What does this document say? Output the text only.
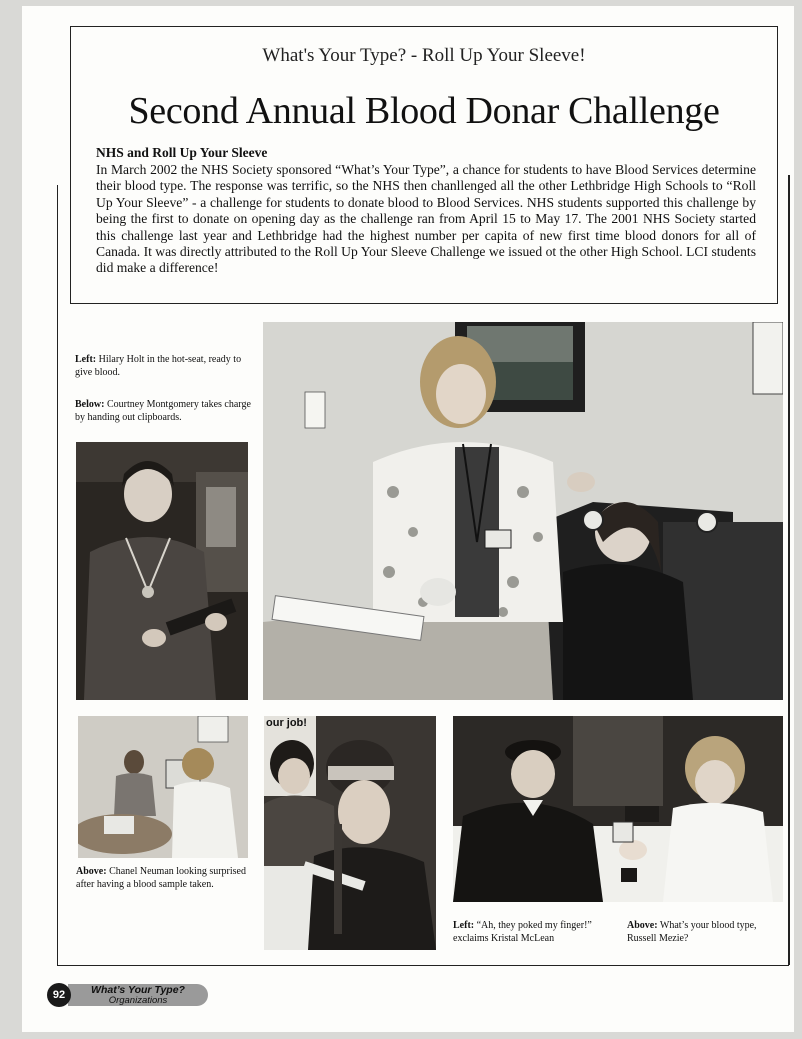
What's Your Type? - Roll Up Your Sleeve!
Second Annual Blood Donar Challenge
NHS and Roll Up Your Sleeve
In March 2002 the NHS Society sponsored “What’s Your Type”, a chance for students to have Blood Services determine their blood type. The response was terrific, so the NHS then chanllenged all the other Lethbridge High Schools to “Roll Up Your Sleeve” - a challenge for students to donate blood to Blood Services. NHS students supported this challenge by being the first to donate on opening day as the challenge ran from April 15 to May 17. The 2001 NHS Society started this challenge last year and Lethbridge had the highest number per capita of new first time blood donors for all of Canada. It was directly attributed to the Roll Up Your Sleeve Challenge we issued ot the other High School. LCI students did make a difference!
Left: Hilary Holt in the hot-seat, ready to give blood.
Below: Courtney Montgomery takes charge by handing out clipboards.
Above: Chanel Neuman looking surprised after having a blood sample taken.
our job!
Left: “Ah, they poked my finger!” exclaims Kristal McLean
Above: What’s your blood type, Russell Mezie?
What’s Your Type?
Organizations
92
